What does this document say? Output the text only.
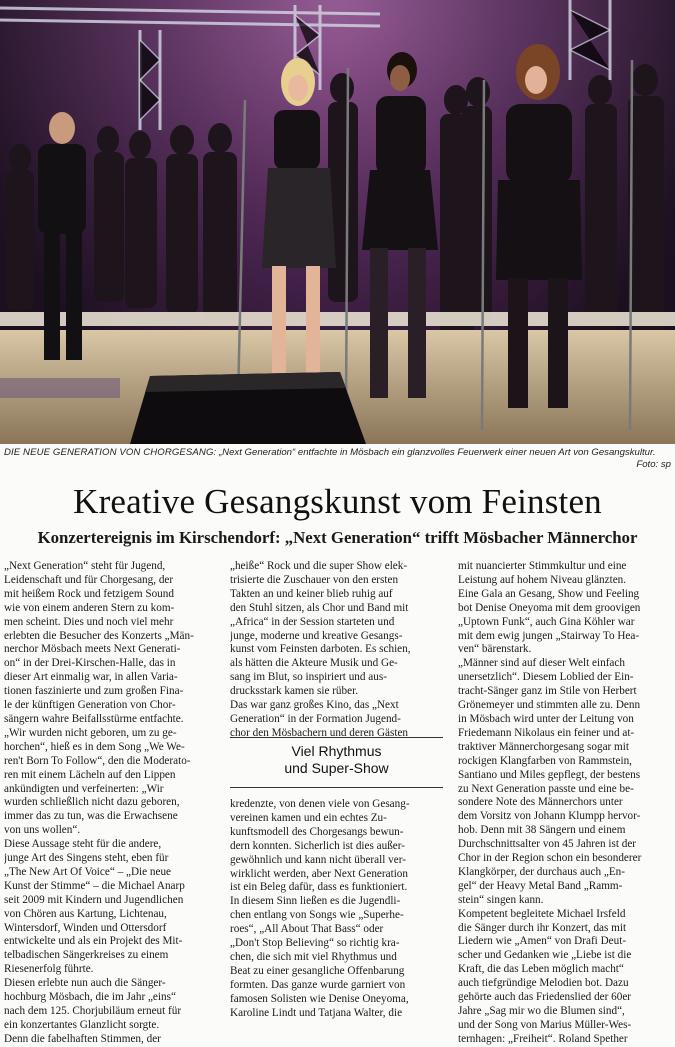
DIE NEUE GENERATION VON CHORGESANG: „Next Generation“ entfachte in Mösbach ein glanzvolles Feuerwerk einer neuen Art von Gesangskultur.
Foto: sp
Kreative Gesangskunst vom Feinsten
Konzertereignis im Kirschendorf: „Next Generation“ trifft Mösbacher Männerchor
„Next Generation“ steht für Jugend,
Leidenschaft und für Chorgesang, der
mit heißem Rock und fetzigem Sound
wie von einem anderen Stern zu kom-
men scheint. Dies und noch viel mehr
erlebten die Besucher des Konzerts „Män-
nerchor Mösbach meets Next Generati-
on“ in der Drei-Kirschen-Halle, das in
dieser Art einmalig war, in allen Varia-
tionen faszinierte und zum großen Fina-
le der künftigen Generation von Chor-
sängern wahre Beifallsstürme entfachte.
„Wir wurden nicht geboren, um zu ge-
horchen“, hieß es in dem Song „We We-
ren't Born To Follow“, den die Moderato-
ren mit einem Lächeln auf den Lippen
ankündigten und verfeinerten: „Wir
wurden schließlich nicht dazu geboren,
immer das zu tun, was die Erwachsene
von uns wollen“.
Diese Aussage steht für die andere,
junge Art des Singens steht, eben für
„The New Art Of Voice“ – „Die neue
Kunst der Stimme“ – die Michael Anarp
seit 2009 mit Kindern und Jugendlichen
von Chören aus Kartung, Lichtenau,
Wintersdorf, Winden und Ottersdorf
entwickelte und als ein Projekt des Mit-
telbadischen Sängerkreises zu einem
Riesenerfolg führte.
Diesen erlebte nun auch die Sänger-
hochburg Mösbach, die im Jahr „eins“
nach dem 125. Chorjubiläum erneut für
ein konzertantes Glanzlicht sorgte.
Denn die fabelhaften Stimmen, der
„heiße“ Rock und die super Show elek-
trisierte die Zuschauer von den ersten
Takten an und keiner blieb ruhig auf
den Stuhl sitzen, als Chor und Band mit
„Africa“ in der Session starteten und
junge, moderne und kreative Gesangs-
kunst vom Feinsten darboten. Es schien,
als hätten die Akteure Musik und Ge-
sang im Blut, so inspiriert und aus-
drucksstark kamen sie rüber.
Das war ganz großes Kino, das „Next
Generation“ in der Formation Jugend-
chor den Mösbachern und deren Gästen
Viel Rhythmus
und Super-Show
kredenzte, von denen viele von Gesang-
vereinen kamen und ein echtes Zu-
kunftsmodell des Chorgesangs bewun-
dern konnten. Sicherlich ist dies außer-
gewöhnlich und kann nicht überall ver-
wirklicht werden, aber Next Generation
ist ein Beleg dafür, dass es funktioniert.
In diesem Sinn ließen es die Jugendli-
chen entlang von Songs wie „Superhe-
roes“, „All About That Bass“ oder
„Don't Stop Believing“ so richtig kra-
chen, die sich mit viel Rhythmus und
Beat zu einer gesangliche Offenbarung
formten. Das ganze wurde garniert von
famosen Solisten wie Denise Oneyoma,
Karoline Lindt und Tatjana Walter, die
mit nuancierter Stimmkultur und eine
Leistung auf hohem Niveau glänzten.
Eine Gala an Gesang, Show und Feeling
bot Denise Oneyoma mit dem groovigen
„Uptown Funk“, auch Gina Köhler war
mit dem ewig jungen „Stairway To Hea-
ven“ bärenstark.
„Männer sind auf dieser Welt einfach
unersetzlich“. Diesem Loblied der Ein-
tracht-Sänger ganz im Stile von Herbert
Grönemeyer und stimmten alle zu. Denn
in Mösbach wird unter der Leitung von
Friedemann Nikolaus ein feiner und at-
traktiver Männerchorgesang sogar mit
rockigen Klangfarben von Rammstein,
Santiano und Miles gepflegt, der bestens
zu Next Generation passte und eine be-
sondere Note des Männerchors unter
dem Vorsitz von Johann Klumpp hervor-
hob. Denn mit 38 Sängern und einem
Durchschnittsalter von 45 Jahren ist der
Chor in der Region schon ein besonderer
Klangkörper, der durchaus auch „En-
gel“ der Heavy Metal Band „Ramm-
stein“ singen kann.
Kompetent begleitete Michael Irsfeld
die Sänger durch ihr Konzert, das mit
Liedern wie „Amen“ von Drafi Deut-
scher und Gedanken wie „Liebe ist die
Kraft, die das Leben möglich macht“
auch tiefgründige Melodien bot. Dazu
gehörte auch das Friedenslied der 60er
Jahre „Sag mir wo die Blumen sind“,
und der Song von Marius Müller-Wes-
ternhagen: „Freiheit“. Roland Spether
